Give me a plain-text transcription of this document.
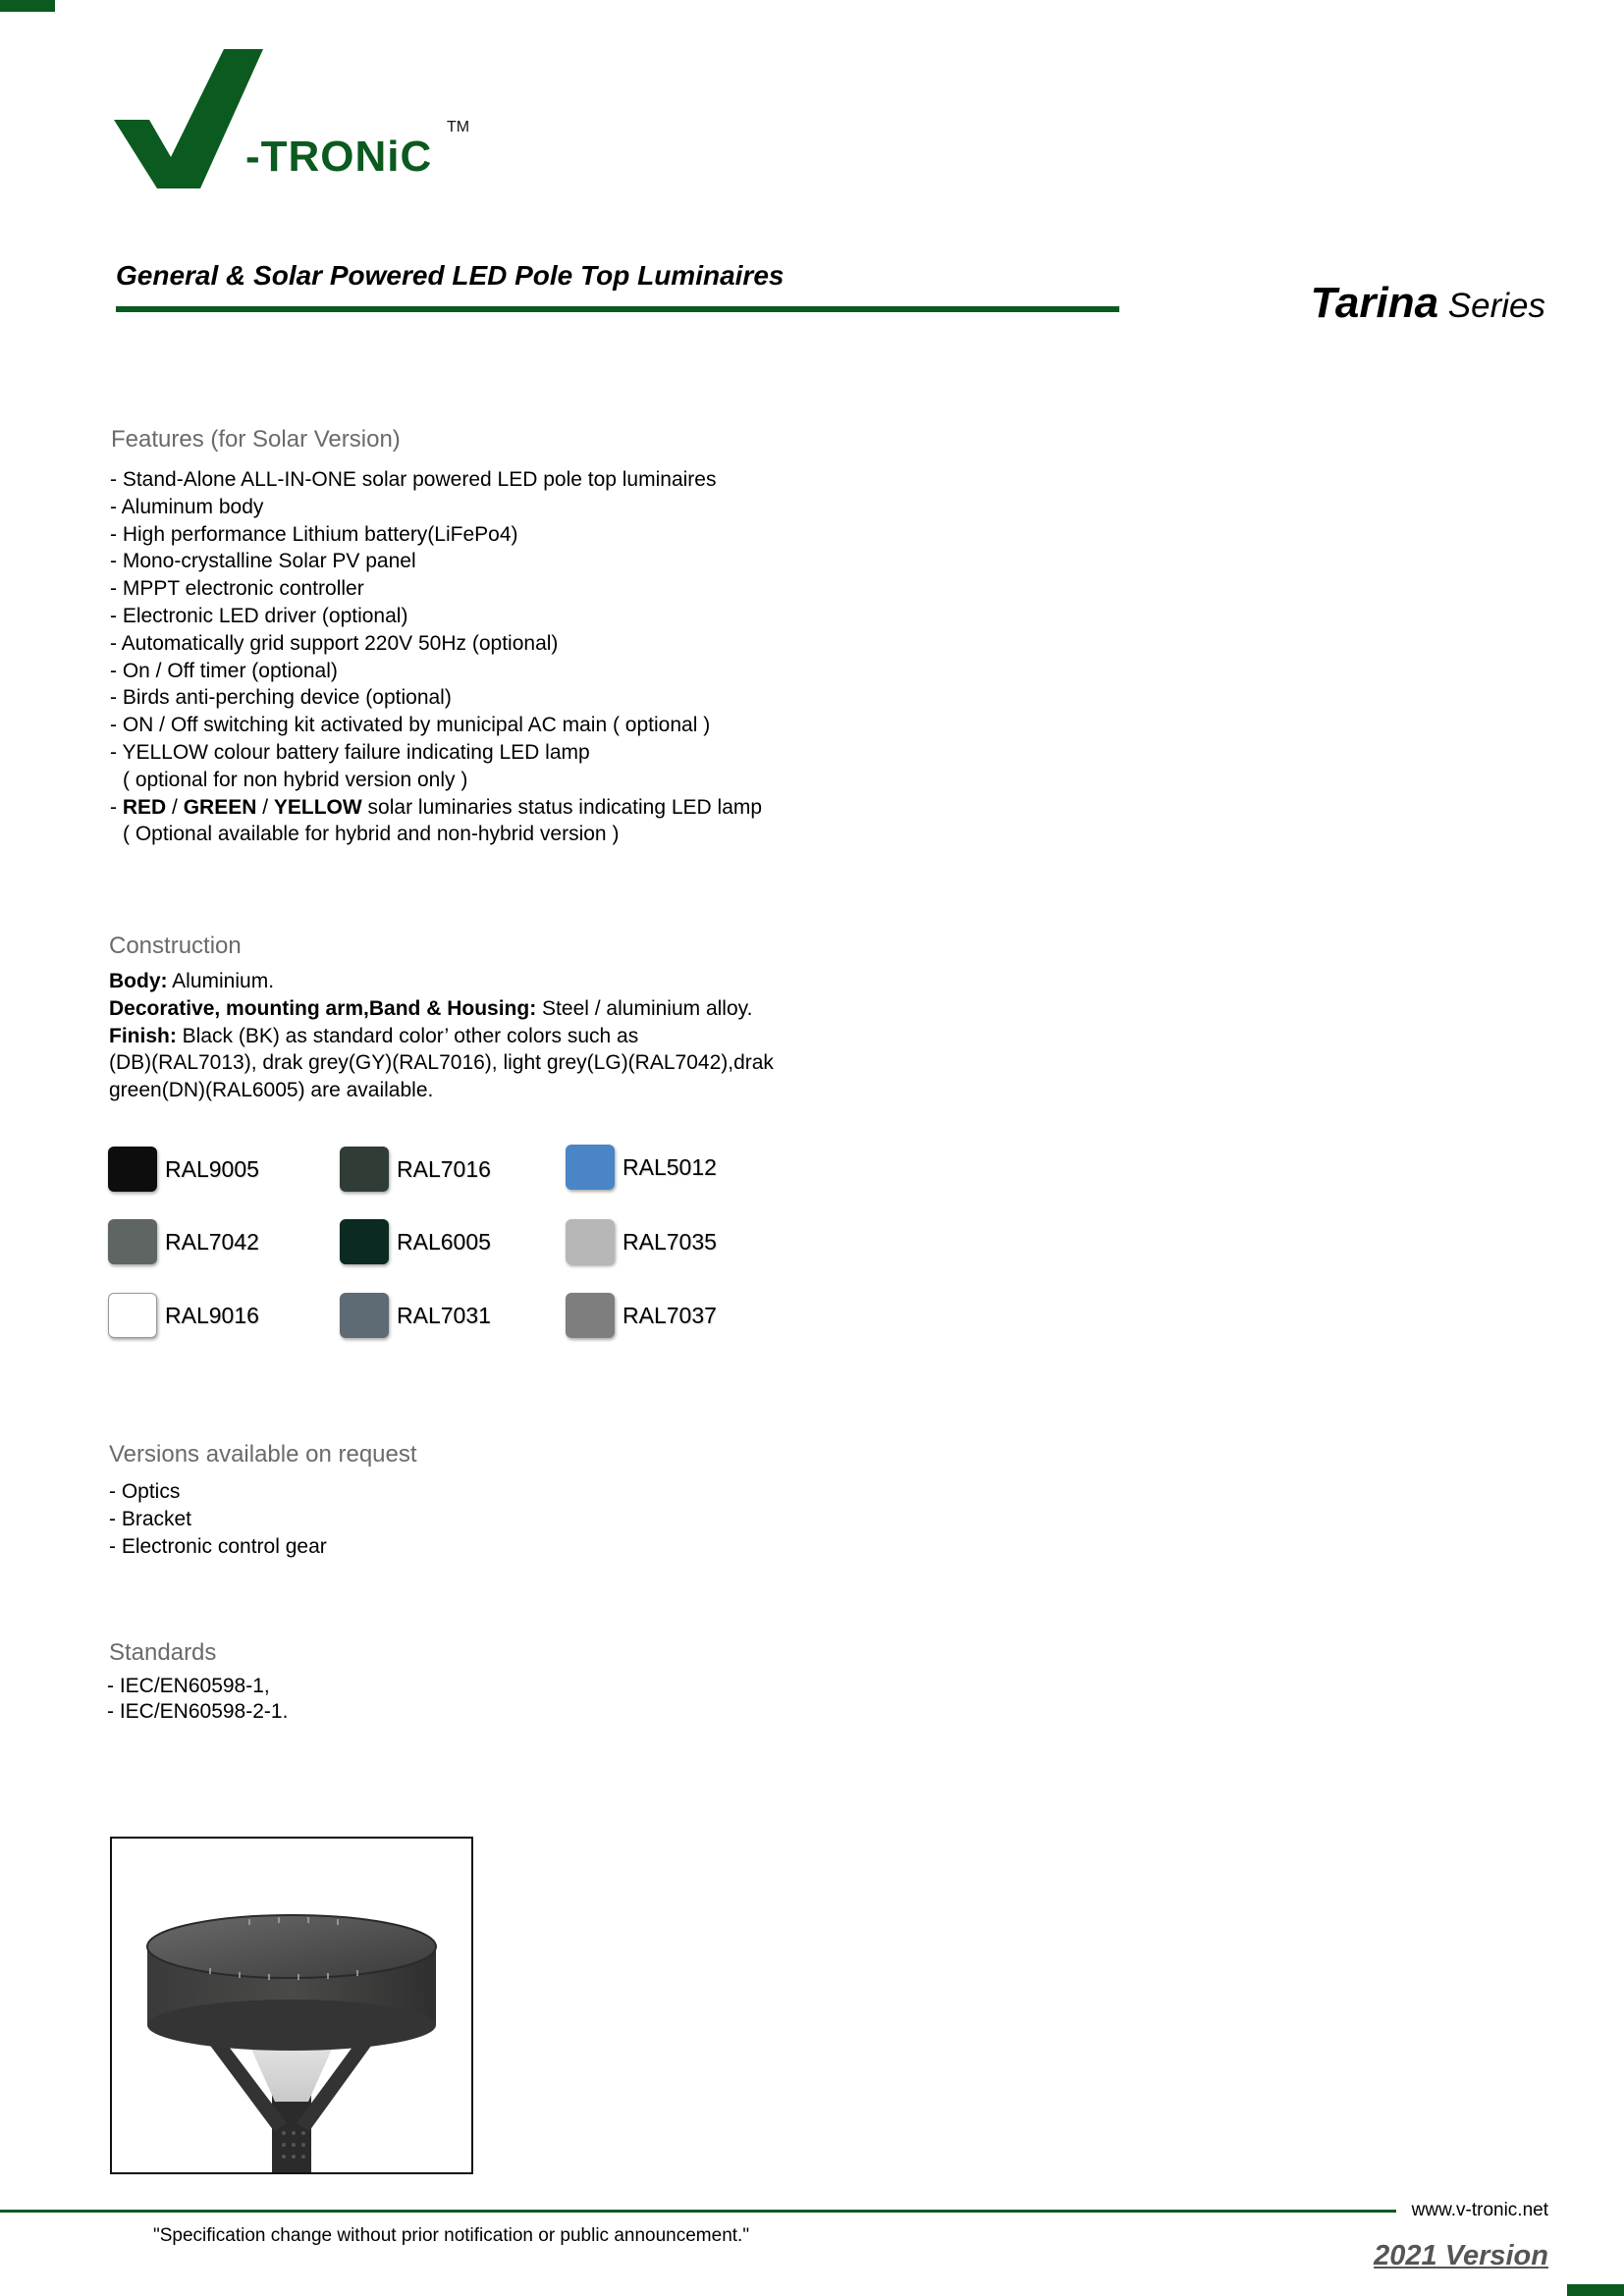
-TRONiC
TM
General & Solar Powered LED Pole Top Luminaires
Tarina Series
Features (for Solar Version)
- Stand-Alone ALL-IN-ONE solar powered LED pole top luminaires
- Aluminum body
- High performance Lithium battery(LiFePo4)
- Mono-crystalline Solar PV panel
- MPPT electronic controller
- Electronic LED driver (optional)
- Automatically grid support 220V 50Hz (optional)
- On / Off timer (optional)
- Birds anti-perching device (optional)
- ON / Off switching kit activated by municipal AC main ( optional )
- YELLOW colour battery failure indicating LED lamp
( optional for non hybrid version only )
- RED / GREEN / YELLOW solar luminaries status indicating LED lamp
( Optional available for hybrid and non-hybrid version )
Construction
Body: Aluminium.
Decorative, mounting arm,Band & Housing: Steel / aluminium alloy.
Finish: Black (BK) as standard color’ other colors such as
(DB)(RAL7013), drak grey(GY)(RAL7016), light grey(LG)(RAL7042),drak
green(DN)(RAL6005) are available.
RAL9005	RAL7016	RAL5012
RAL7042	RAL6005	RAL7035
RAL9016	RAL7031	RAL7037
Versions available on request
- Optics
- Bracket
- Electronic control gear
Standards
- IEC/EN60598-1,
- IEC/EN60598-2-1.
www.v-tronic.net
"Specification change without prior notification or public announcement."
2021 Version
